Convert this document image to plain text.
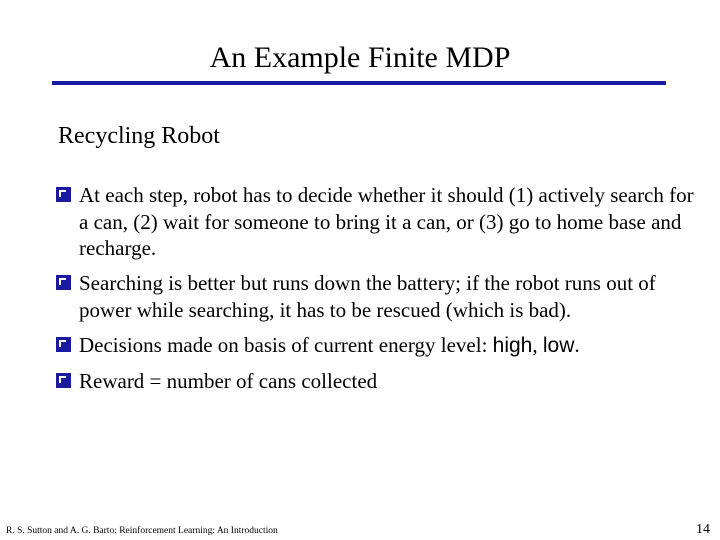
An Example Finite MDP
Recycling Robot
At each step, robot has to decide whether it should (1) actively search for a can, (2) wait for someone to bring it a can, or (3) go to home base and recharge.
Searching is better but runs down the battery; if the robot runs out of power while searching, it has to be rescued (which is bad).
Decisions made on basis of current energy level: high, low.
Reward = number of cans collected
R. S. Sutton and A. G. Barto: Reinforcement Learning: An Introduction	14
